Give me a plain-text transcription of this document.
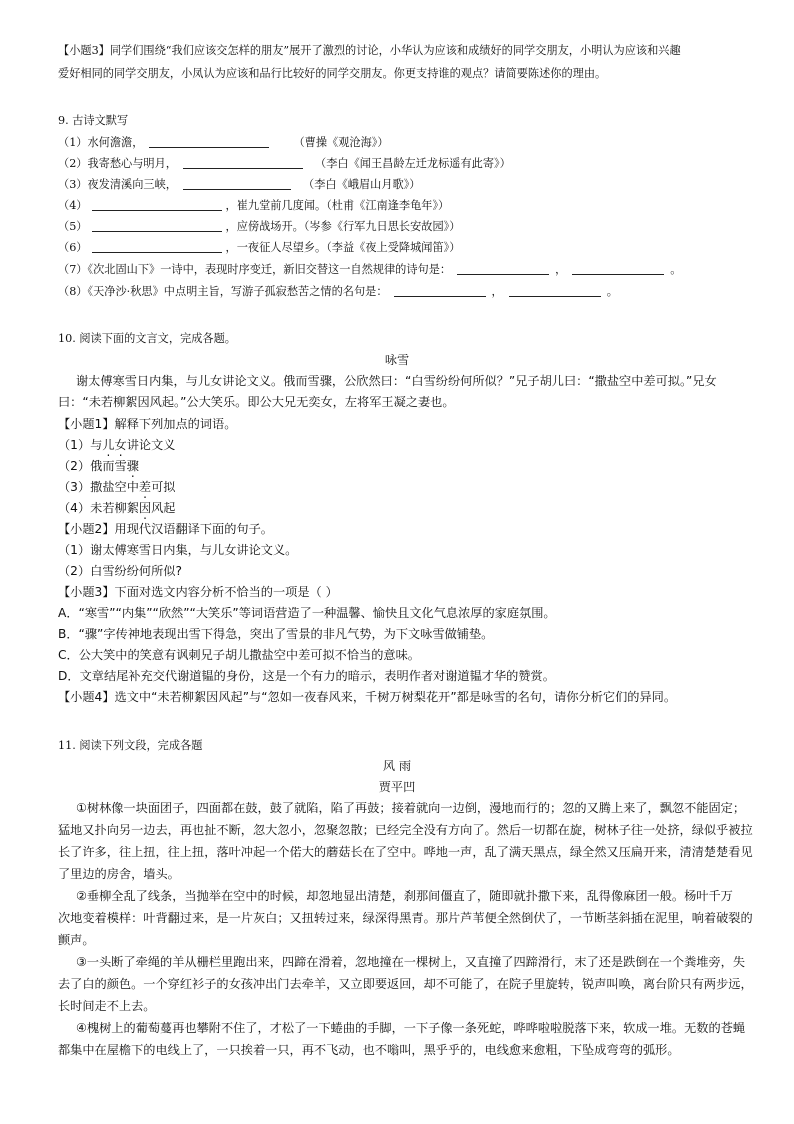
【小题3】同学们围绕“我们应该交怎样的朋友”展开了激烈的讨论，小华认为应该和成绩好的同学交朋友，小明认为应该和兴趣
爱好相同的同学交朋友，小凤认为应该和品行比较好的同学交朋友。你更支持谁的观点？请简要陈述你的理由。
9. 古诗文默写
（1）水何澹澹，	（曹操《观沧海》）
（2）我寄愁心与明月，	（李白《闻王昌龄左迁龙标遥有此寄》）
（3）夜发清溪向三峡，	（李白《峨眉山月歌》）
（4）	，崔九堂前几度闻。（杜甫《江南逢李龟年》）
（5）	，应傍战场开。（岑参《行军九日思长安故园》）
（6）	，一夜征人尽望乡。（李益《夜上受降城闻笛》）
（7）《次北固山下》一诗中，表现时序变迁，新旧交替这一自然规律的诗句是：	，	。
（8）《天净沙·秋思》中点明主旨，写游子孤寂愁苦之情的名句是：	，	。
10. 阅读下面的文言文，完成各题。
咏雪
谢太傅寒雪日内集，与儿女讲论文义。俄而雪骤，公欣然曰：“白雪纷纷何所似？”兄子胡儿曰：“撒盐空中差可拟。”兄女
曰：“未若柳絮因风起。”公大笑乐。即公大兄无奕女，左将军王凝之妻也。
【小题1】解释下列加点的词语。
（1）与儿女讲论文义
（2）俄而雪骤
（3）撒盐空中差可拟
（4）未若柳絮因风起
【小题2】用现代汉语翻译下面的句子。
（1）谢太傅寒雪日内集，与儿女讲论文义。
（2）白雪纷纷何所似?
【小题3】下面对选文内容分析不恰当的一项是（ ）
A．“寒雪”“内集”“欣然”“大笑乐”等词语营造了一种温馨、愉快且文化气息浓厚的家庭氛围。
B．“骤”字传神地表现出雪下得急，突出了雪景的非凡气势，为下文咏雪做铺垫。
C．公大笑中的笑意有讽刺兄子胡儿撒盐空中差可拟不恰当的意味。
D．文章结尾补充交代谢道韫的身份，这是一个有力的暗示，表明作者对谢道韫才华的赞赏。
【小题4】选文中“未若柳絮因风起”与“忽如一夜春风来，千树万树梨花开”都是咏雪的名句，请你分析它们的异同。
11. 阅读下列文段，完成各题
风 雨
贾平凹
①树林像一块面团子，四面都在鼓，鼓了就陷，陷了再鼓；接着就向一边倒，漫地而行的；忽的又腾上来了，飘忽不能固定；
猛地又扑向另一边去，再也扯不断，忽大忽小，忽聚忽散；已经完全没有方向了。然后一切都在旋，树林子往一处挤，绿似乎被拉
长了许多，往上扭，往上扭，落叶冲起一个偌大的蘑菇长在了空中。哗地一声，乱了满天黑点，绿全然又压扁开来，清清楚楚看见
了里边的房舍，墙头。
②垂柳全乱了线条，当抛举在空中的时候，却忽地显出清楚，刹那间僵直了，随即就扑撒下来，乱得像麻团一般。杨叶千万
次地变着模样：叶背翻过来，是一片灰白；又扭转过来，绿深得黑青。那片芦苇便全然倒伏了，一节断茎斜插在泥里，响着破裂的
颤声。
③一头断了牵绳的羊从栅栏里跑出来，四蹄在滑着，忽地撞在一棵树上，又直撞了四蹄滑行，末了还是跌倒在一个粪堆旁，失
去了白的颜色。一个穿红衫子的女孩冲出门去牵羊，又立即要返回，却不可能了，在院子里旋转，锐声叫唤，离台阶只有两步远，
长时间走不上去。
④槐树上的葡萄蔓再也攀附不住了，才松了一下蜷曲的手脚，一下子像一条死蛇，哗哗啦啦脱落下来，软成一堆。无数的苍蝇
都集中在屋檐下的电线上了，一只挨着一只，再不飞动，也不嗡叫，黑乎乎的，电线愈来愈粗，下坠成弯弯的弧形。
